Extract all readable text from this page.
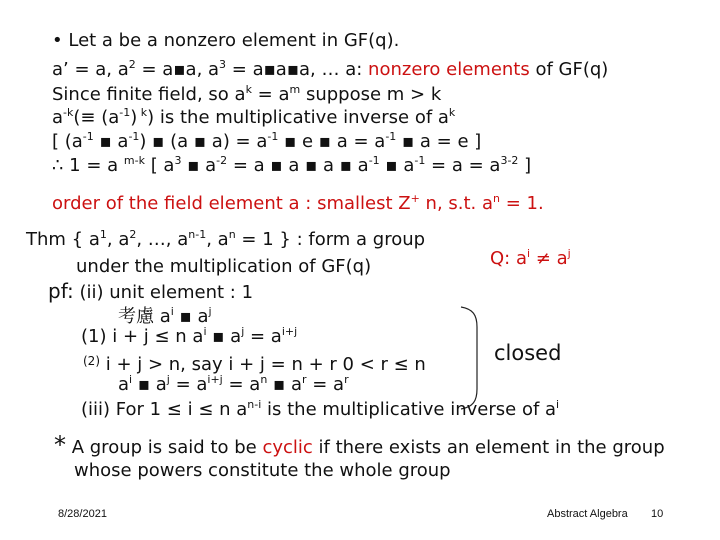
• Let a be a nonzero element in GF(q).
a’ = a, $a^2$ = a▪a, $a^3$ = a▪a▪a, … a: nonzero elements of GF(q)
Since finite field, so $a^k = a^m$ suppose m > k
$a^{-k}(\equiv (a^{-1})$ $^k$) is the multiplicative inverse of $a^k$
[ ($a^{-1}$ ▪ $a^{-1}$) ▪ (a ▪ $a) = a^{-1}$ ▪ e ▪ $a = a^{-1}$ ▪ a = e ]
∴ 1 = a $^{m-k}$ [ $a^3$ ▪ $a^{-2} = a$ ▪ a ▪ a ▪ $a^{-1}$ ▪ $a^{-1} = a = a^{3-2}$ ]
order of the field element a : smallest Z+ n, s.t. $a^n = 1$.
Thm { $a^1$, $a^2$, …, $a^{n-1}$, $a^n = 1$ } : form a group
under the multiplication of GF(q)	Q: $a^i \ne a^j$
pf: (ii) unit element : 1
考慮 $a^i$ ▪ $a^j$
(1) i + j ≤ n $a^i$ ▪ $a^j = a^{i+j}$
$^{(2)}$ i + j > n, say i + j = n + r 0 < r ≤ n	closed
$a^i$ ▪ $a^j = a^{i+j} = a^n$ ▪ $a^r = a^r$
(iii) For 1 ≤ i ≤ n $a^{n-i}$ is the multiplicative inverse of $a^i$
* A group is said to be cyclic if there exists an element in the group
whose powers constitute the whole group
8/28/2021	Abstract Algebra 10
